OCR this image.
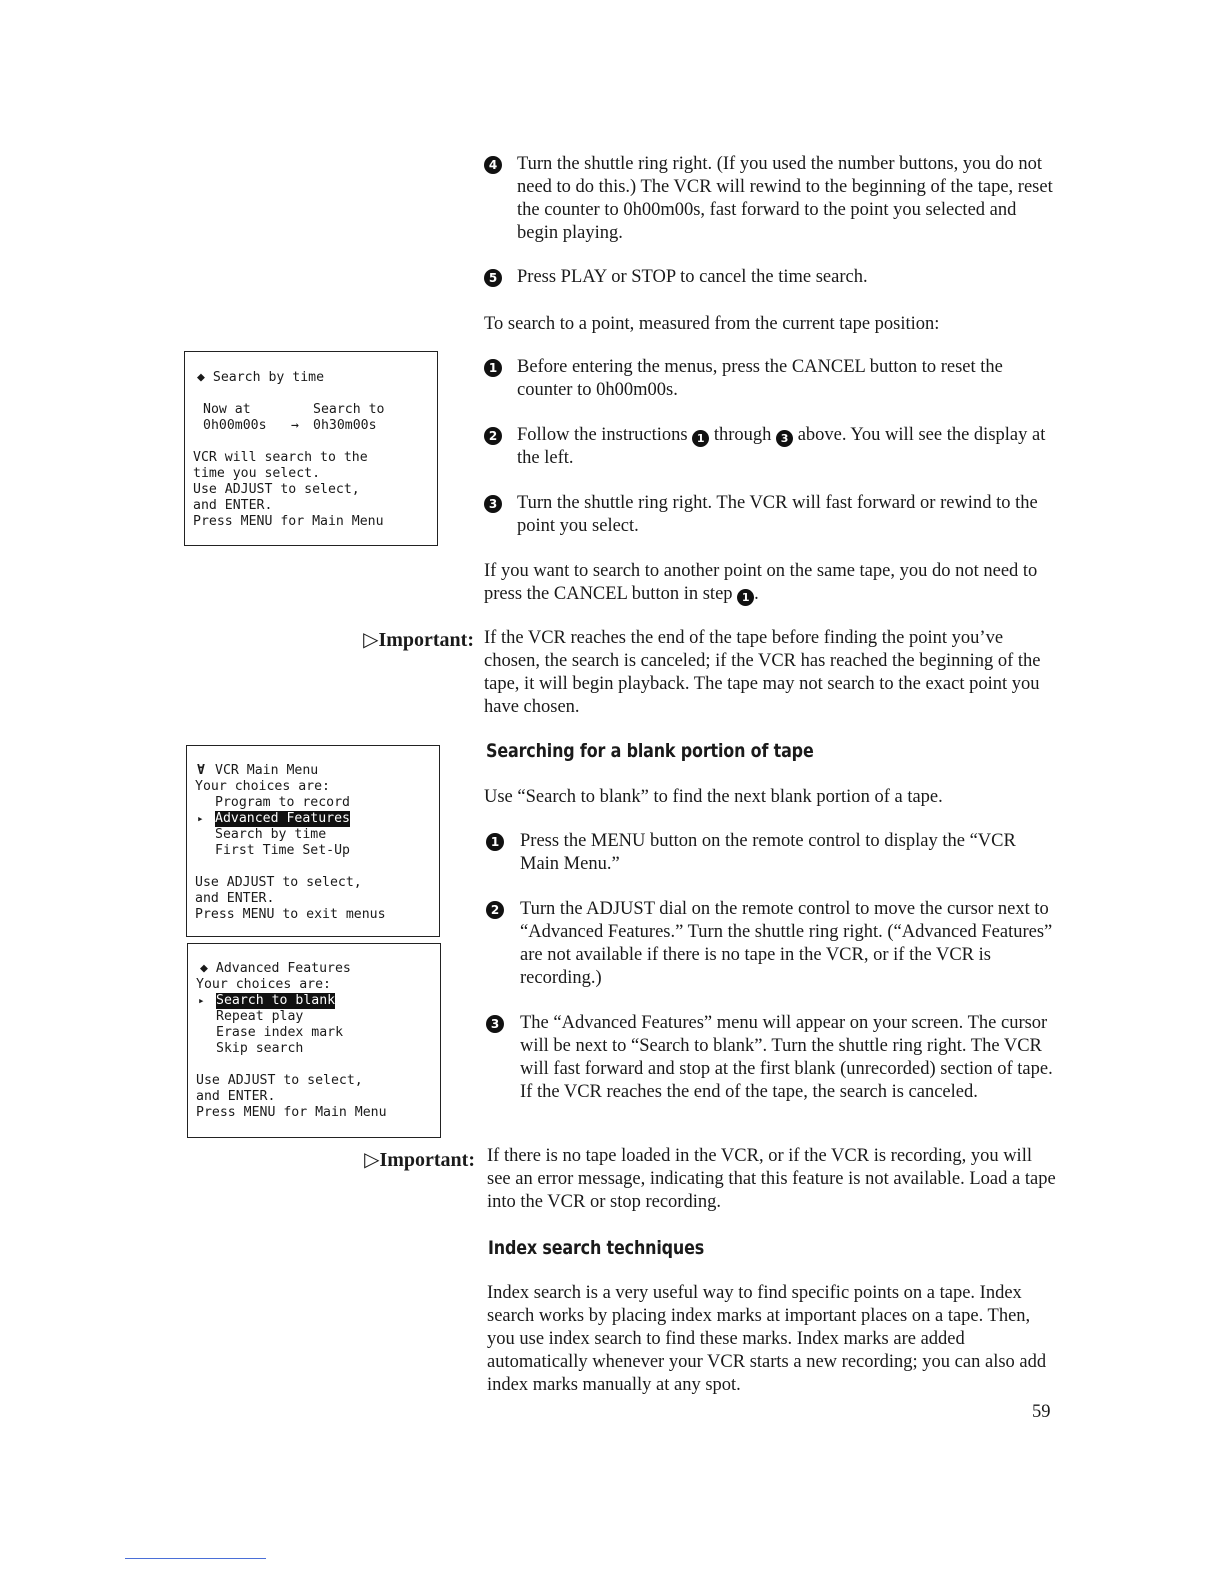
4 Turn the shuttle ring right. (If you used the number buttons, you do not need to do this.) The VCR will rewind to the beginning of the tape, reset the counter to 0h00m00s, fast forward to the point you selected and begin playing.
5 Press PLAY or STOP to cancel the time search.

To search to a point, measured from the current tape position:

1 Before entering the menus, press the CANCEL button to reset the counter to 0h00m00s.
2 Follow the instructions 1 through 3 above. You will see the display at the left.
3 Turn the shuttle ring right. The VCR will fast forward or rewind to the point you select.

If you want to search to another point on the same tape, you do not need to press the CANCEL button in step 1 .

▷Important: If the VCR reaches the end of the tape before finding the point you’ve chosen, the search is canceled; if the VCR has reached the beginning of the tape, it will begin playback. The tape may not search to the exact point you have chosen.

Searching for a blank portion of tape

Use “Search to blank” to find the next blank portion of a tape.

1 Press the MENU button on the remote control to display the “VCR Main Menu.”
2 Turn the ADJUST dial on the remote control to move the cursor next to “Advanced Features.” Turn the shuttle ring right. (“Advanced Features” are not available if there is no tape in the VCR, or if the VCR is recording.)
3 The “Advanced Features” menu will appear on your screen. The cursor will be next to “Search to blank”. Turn the shuttle ring right. The VCR will fast forward and stop at the first blank (unrecorded) section of tape. If the VCR reaches the end of the tape, the search is canceled.
▷Important: If there is no tape loaded in the VCR, or if the VCR is recording, you will see an error message, indicating that this feature is not available. Load a tape into the VCR or stop recording.

Index search techniques

Index search is a very useful way to find specific points on a tape. Index search works by placing index marks at important places on a tape. Then, you use index search to find these marks. Index marks are added automatically whenever your VCR starts a new recording; you can also add index marks manually at any spot.

59
◆ Search by time
Now at	Search to
0h00m00s → 0h30m00s
VCR will search to the
time you select.
Use ADJUST to select,
and ENTER.
Press MENU for Main Menu
Ɐ VCR Main Menu
Your choices are:
Program to record
▸ Advanced Features
Search by time
First Time Set-Up
Use ADJUST to select,
and ENTER.
Press MENU to exit menus
◆ Advanced Features
Your choices are:
▸ Search to blank
Repeat play
Erase index mark
Skip search
Use ADJUST to select,
and ENTER.
Press MENU for Main Menu
